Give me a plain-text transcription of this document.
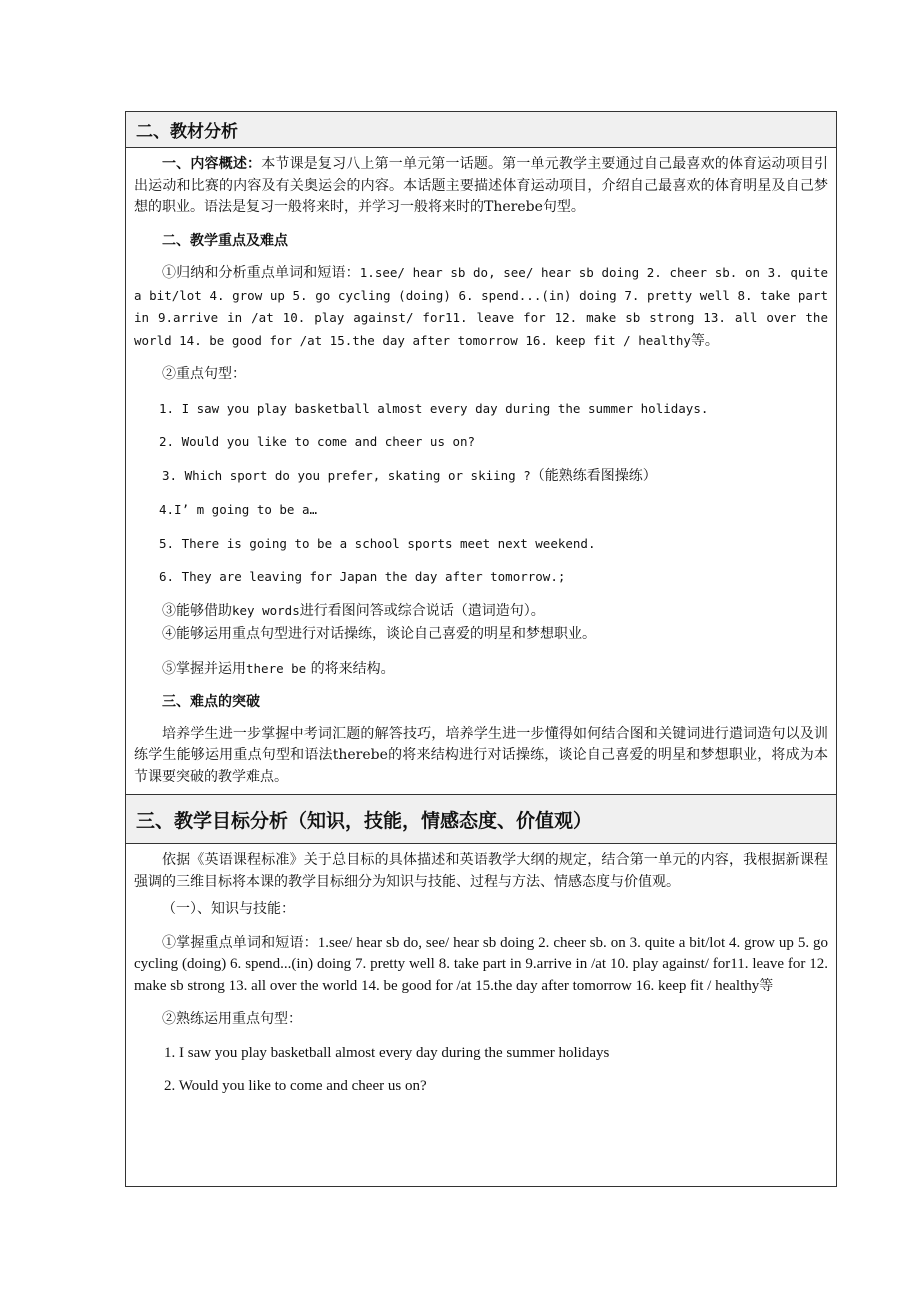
二、教材分析

一、内容概述：本节课是复习八上第一单元第一话题。第一单元教学主要通过自己最喜欢的体育运动项目引出运动和比赛的内容及有关奥运会的内容。本话题主要描述体育运动项目，介绍自己最喜欢的体育明星及自己梦想的职业。语法是复习一般将来时，并学习一般将来时的Therebe句型。

二、教学重点及难点

①归纳和分析重点单词和短语：1.see/ hear sb do, see/ hear sb doing 2. cheer sb. on 3. quite a bit/lot 4. grow up 5. go cycling (doing) 6. spend...(in) doing 7. pretty well 8. take part in 9.arrive in /at 10. play against/ for11. leave for 12. make sb strong 13. all over the world 14. be good for /at 15.the day after tomorrow 16. keep fit / healthy等。

②重点句型：

1. I saw you play basketball almost every day during the summer holidays.

2. Would you like to come and cheer us on?

3. Which sport do you prefer, skating or skiing ?（能熟练看图操练）

4.I’ m going to be a…

5. There is going to be a school sports meet next weekend.

6. They are leaving for Japan the day after tomorrow.;

③能够借助key words进行看图问答或综合说话（遣词造句）。

④能够运用重点句型进行对话操练，谈论自己喜爱的明星和梦想职业。

⑤掌握并运用there be 的将来结构。

三、难点的突破

培养学生进一步掌握中考词汇题的解答技巧，培养学生进一步懂得如何结合图和关键词进行遣词造句以及训练学生能够运用重点句型和语法therebe的将来结构进行对话操练，谈论自己喜爱的明星和梦想职业，将成为本节课要突破的教学难点。

三、教学目标分析（知识，技能，情感态度、价值观）

依据《英语课程标准》关于总目标的具体描述和英语教学大纲的规定，结合第一单元的内容，我根据新课程强调的三维目标将本课的教学目标细分为知识与技能、过程与方法、情感态度与价值观。

（一）、知识与技能：

①掌握重点单词和短语：1.see/ hear sb do, see/ hear sb doing 2. cheer sb. on 3. quite a bit/lot 4. grow up 5. go cycling (doing) 6. spend...(in) doing 7. pretty well 8. take part in 9.arrive in /at 10. play against/ for11. leave for 12. make sb strong 13. all over the world 14. be good for /at 15.the day after tomorrow 16. keep fit / healthy等

②熟练运用重点句型：

1. I saw you play basketball almost every day during the summer holidays

2. Would you like to come and cheer us on?
